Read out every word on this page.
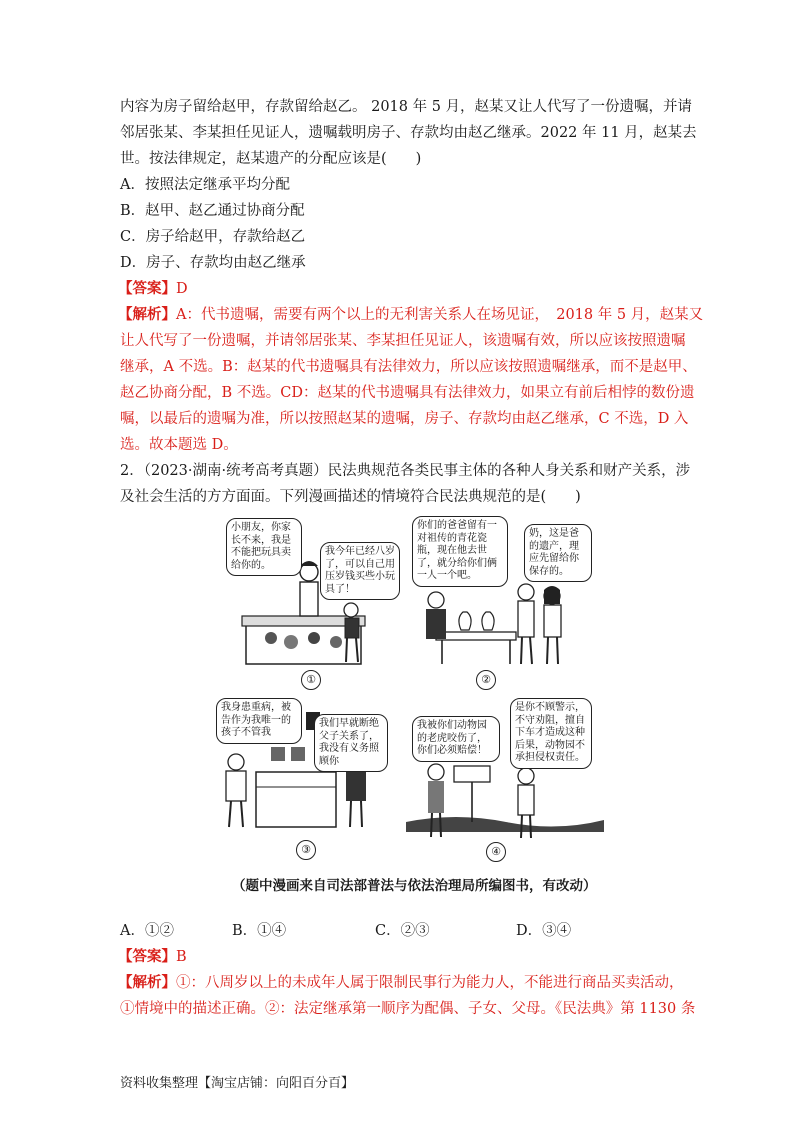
内容为房子留给赵甲，存款留给赵乙。 2018 年 5 月，赵某又让人代写了一份遗嘱，并请
邻居张某、李某担任见证人，遗嘱载明房子、存款均由赵乙继承。2022 年 11 月，赵某去
世。按法律规定，赵某遗产的分配应该是(　　)
A．按照法定继承平均分配
B．赵甲、赵乙通过协商分配
C．房子给赵甲，存款给赵乙
D．房子、存款均由赵乙继承
【答案】D
【解析】A：代书遗嘱，需要有两个以上的无利害关系人在场见证，　2018 年 5 月，赵某又
让人代写了一份遗嘱，并请邻居张某、李某担任见证人，该遗嘱有效，所以应该按照遗嘱
继承，A 不选。B：赵某的代书遗嘱具有法律效力，所以应该按照遗嘱继承，而不是赵甲、
赵乙协商分配，B 不选。CD：赵某的代书遗嘱具有法律效力，如果立有前后相悖的数份遗
嘱，以最后的遗嘱为准，所以按照赵某的遗嘱，房子、存款均由赵乙继承，C 不选，D 入
选。故本题选 D。
2．（2023·湖南·统考高考真题）民法典规范各类民事主体的各种人身关系和财产关系，涉
及社会生活的方方面面。下列漫画描述的情境符合民法典规范的是(　　)
小朋友，你家长不来，我是不能把玩具卖给你的。
我今年已经八岁了，可以自己用压岁钱买些小玩具了！
①
你们的爸爸留有一对祖传的青花瓷瓶，现在他去世了，就分给你们俩一人一个吧。
奶，这是爸的遗产，理应先留给你保存的。
②
我身患重病，被告作为我唯一的孩子不管我
我们早就断绝父子关系了，我没有义务照顾你
③
我被你们动物园的老虎咬伤了，你们必须赔偿！
是你不顾警示，不守劝阻，擅自下车才造成这种后果，动物园不承担侵权责任。
④
（题中漫画来自司法部普法与依法治理局所编图书，有改动）
A．①②	B．①④	C．②③	D．③④
【答案】B
【解析】①：八周岁以上的未成年人属于限制民事行为能力人，不能进行商品买卖活动，
①情境中的描述正确。②：法定继承第一顺序为配偶、子女、父母。《民法典》第 1130 条
资料收集整理【淘宝店铺：向阳百分百】
